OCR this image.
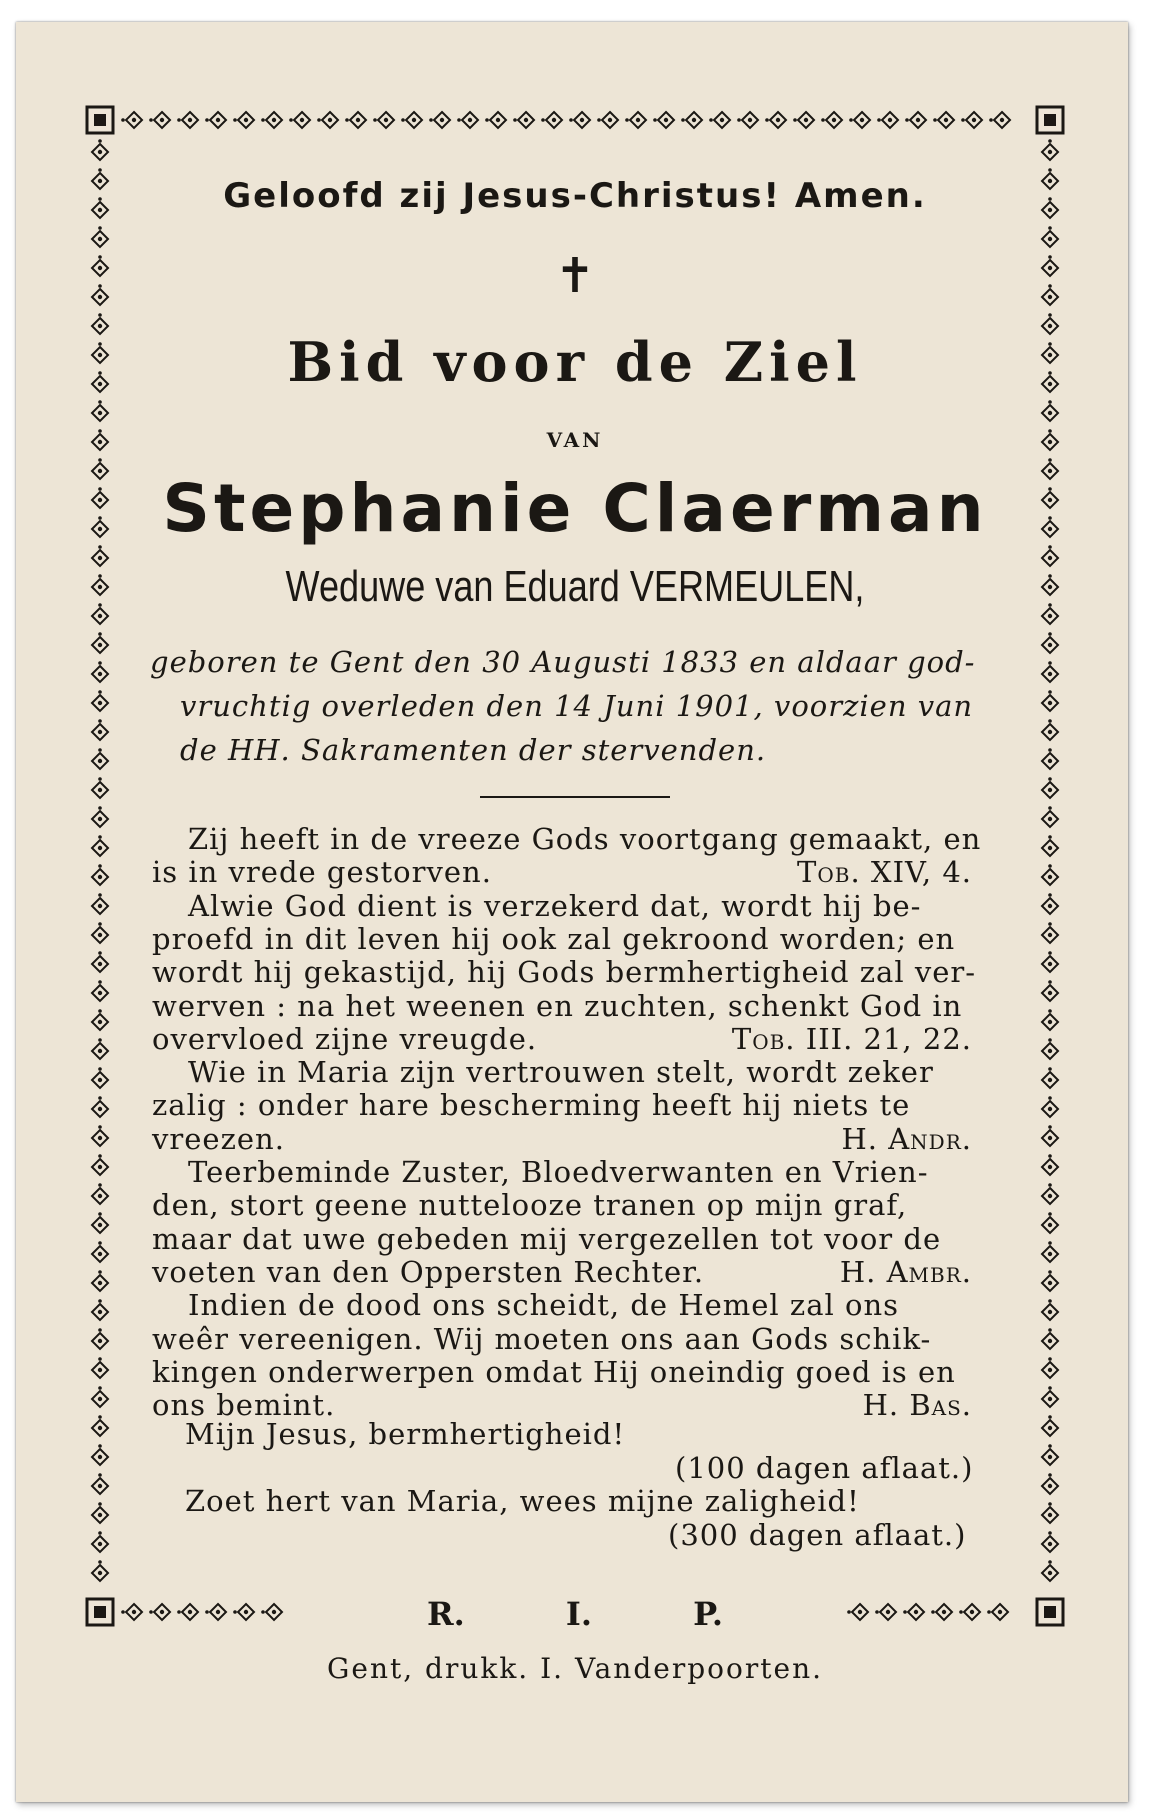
Geloofd zij Jesus-Christus! Amen.

✝

Bid voor de Ziel

VAN

Stephanie Claerman

Weduwe van Eduard VERMEULEN,

geboren te Gent den 30 Augusti 1833 en aldaar god-

vruchtig overleden den 14 Juni 1901, voorzien van

de HH. Sakramenten der stervenden.

Zij heeft in de vreeze Gods voortgang gemaakt, en

is in vrede gestorven.	Tob. XIV, 4.

Alwie God dient is verzekerd dat, wordt hij be-

proefd in dit leven hij ook zal gekroond worden; en

wordt hij gekastijd, hij Gods bermhertigheid zal ver-

werven : na het weenen en zuchten, schenkt God in

overvloed zijne vreugde.	Tob. III. 21, 22.

Wie in Maria zijn vertrouwen stelt, wordt zeker

zalig : onder hare bescherming heeft hij niets te

vreezen.	H. Andr.

Teerbeminde Zuster, Bloedverwanten en Vrien-

den, stort geene nuttelooze tranen op mijn graf,

maar dat uwe gebeden mij vergezellen tot voor de

voeten van den Oppersten Rechter.	H. Ambr.

Indien de dood ons scheidt, de Hemel zal ons

weêr vereenigen. Wij moeten ons aan Gods schik-

kingen onderwerpen omdat Hij oneindig goed is en

ons bemint.	H. Bas.

Mijn Jesus, bermhertigheid!

(100 dagen aflaat.)

Zoet hert van Maria, wees mijne zaligheid!

(300 dagen aflaat.)

R. I. P.

Gent, drukk. I. Vanderpoorten.
